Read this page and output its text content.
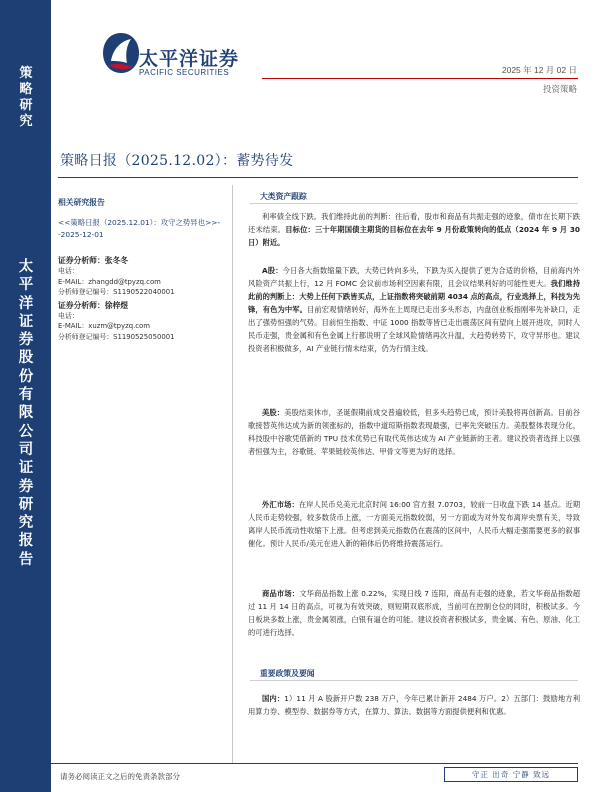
策
略
研
究
太
平
洋
证
券
股
份
有
限
公
司
证
券
研
究
报
告
太平洋证券
PACIFIC SECURITIES	2025 年 12 月 02 日
投资策略
策略日报（2025.12.02）：蓄势待发
相关研究报告
<<策略日报（2025.12.01）：攻守之势异也>>--2025-12-01
证券分析师：张冬冬
电话：
E-MAIL：zhangdd@tpyzq.com
分析师登记编号：S1190522040001
证券分析师：徐梓煜
电话：
E-MAIL：xuzm@tpyzq.com
分析师登记编号：S1190525050001
大类资产跟踪
利率债全线下跌。我们维持此前的判断：往后看，股市和商品有共振走强的迹象，债市在长期下跌还未结束。目标位：三十年期国债主期货的目标位在去年 9 月份政策转向的低点（2024 年 9 月 30 日）附近。
A股：今日各大指数缩量下跌，大势已转向多头，下跌为买入提供了更为合适的价格，目前海内外风险资产共振上行，12 月 FOMC 会议前市场利空因素有限，且会议结果利好的可能性更大。我们维持此前的判断上：大势上任何下跌皆买点，上证指数将突破前期 4034 点的高点，行业选择上，科技为先锋，有色为中军。目前宏观情绪转好，海外在上周现已走出多头形态，内盘创业板指刚率先补缺口，走出了强势恒强的气势。目前恒生指数、中证 1000 指数等皆已走出震荡区间有望向上展开进攻，同时人民币走强，贵金属和有色金属上行都说明了全球风险情绪再次升温，大趋势转势下，攻守异形也。建议投资者积极做多，AI 产业链行情未结束，仍为行情主线。
美股：美股结束休市，圣诞假期前成交普遍较低，但多头趋势已成，预计美股将再创新高。目前谷歌接替英伟达成为新的领涨标的，指数中道琼斯指数表现最强，已率先突破压力。美股整体表现分化，科技股中谷歌凭借新的 TPU 技术优势已有取代英伟达成为 AI 产业链新的王者。建议投资者选择上以强者恒强为主，谷歌链、苹果链较英伟达、甲骨文等更为好的选择。
外汇市场：在岸人民币兑美元北京时间 16:00 官方报 7.0703，较前一日收盘下跌 14 基点。近期人民币走势较强，较多数货币上涨，一方面美元指数较弱，另一方面或为对外发布离岸央票有关，导致离岸人民币流动性收缩下上涨。但考虑到美元指数仍在震荡的区间中，人民币大幅走强需要更多的叙事催化。预计人民币/美元在进入新的箱体后仍将维持震荡运行。
商品市场：文华商品指数上涨 0.22%，实现日线 7 连阳，商品有走强的迹象，若文华商品指数超过 11 月 14 日的高点，可视为有效突破，则短期双底形成，当前可在控制仓位的同时，积极试多。今日板块多数上涨，贵金属领涨，白银有逼仓的可能。建议投资者积极试多，贵金属、有色、原油、化工的可进行选择。
重要政策及要闻
国内：1）11 月 A 股新开户数 238 万户，今年已累计新开 2484 万户。2）五部门：鼓励地方利用算力券、模型券、数据券等方式，在算力、算法、数据等方面提供便利和优惠。
请务必阅读正文之后的免责条款部分	守正 出奇 宁静 致远
